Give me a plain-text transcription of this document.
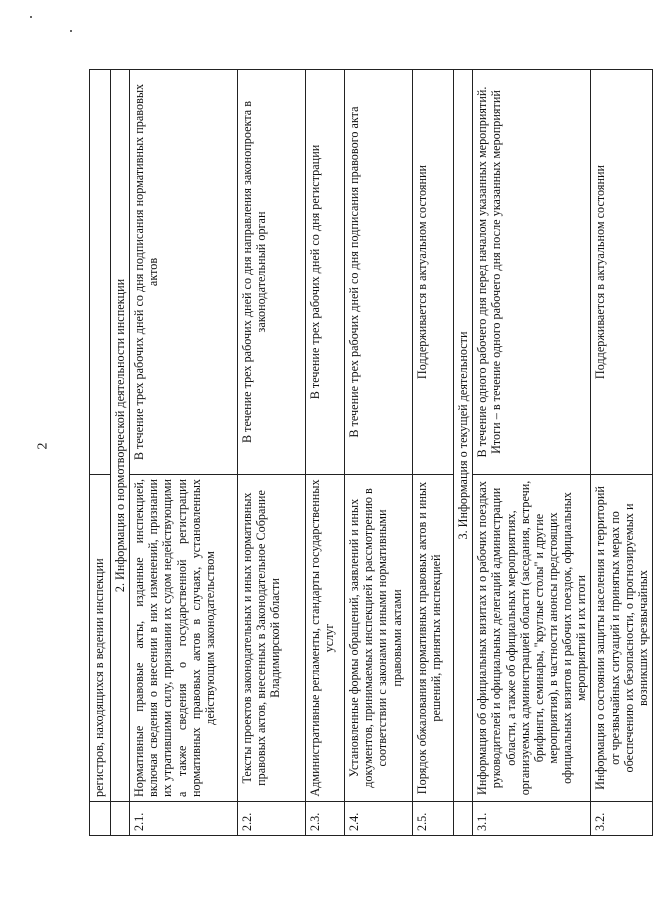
2
	регистров, находящихся в ведении инспекции	
	2. Информация о нормотворческой деятельности инспекции	
2.1.	Нормативные правовые акты, изданные инспекцией, включая сведения о внесении в них изменений, признании их утратившими силу, признании их судом недействующими а также сведения о государственной регистрации нормативных правовых актов в случаях, установленных действующим законодательством	В течение трех рабочих дней со дня подписания нормативных правовых актов
2.2.	Тексты проектов законодательных и иных нормативных правовых актов, внесенных в Законодательное Собрание Владимирской области	В течение трех рабочих дней со дня направления законопроекта в законодательный орган
2.3.	Административные регламенты, стандарты государственных услуг	В течение трех рабочих дней со дня регистрации
2.4.	Установленные формы обращений, заявлений и иных документов, принимаемых инспекцией к рассмотрению в соответствии с законами и иными нормативными правовыми актами	В течение трех рабочих дней со дня подписания правового акта
2.5.	Порядок обжалования нормативных правовых актов и иных решений, принятых инспекцией	Поддерживается в актуальном состоянии
	3. Информация о текущей деятельности	
3.1.	Информация об официальных визитах и о рабочих поездках руководителей и официальных делегаций администрации области, а также об официальных мероприятиях, организуемых администрацией области (заседания, встречи, брифинги, семинары, "круглые столы" и другие мероприятия), в частности анонсы предстоящих официальных визитов и рабочих поездок, официальных мероприятий и их итоги	В течение одного рабочего дня перед началом указанных мероприятий. Итоги – в течение одного рабочего дня после указанных мероприятий
3.2.	Информация о состоянии защиты населения и территорий от чрезвычайных ситуаций и принятых мерах по обеспечению их безопасности, о прогнозируемых и возникших чрезвычайных	Поддерживается в актуальном состоянии
